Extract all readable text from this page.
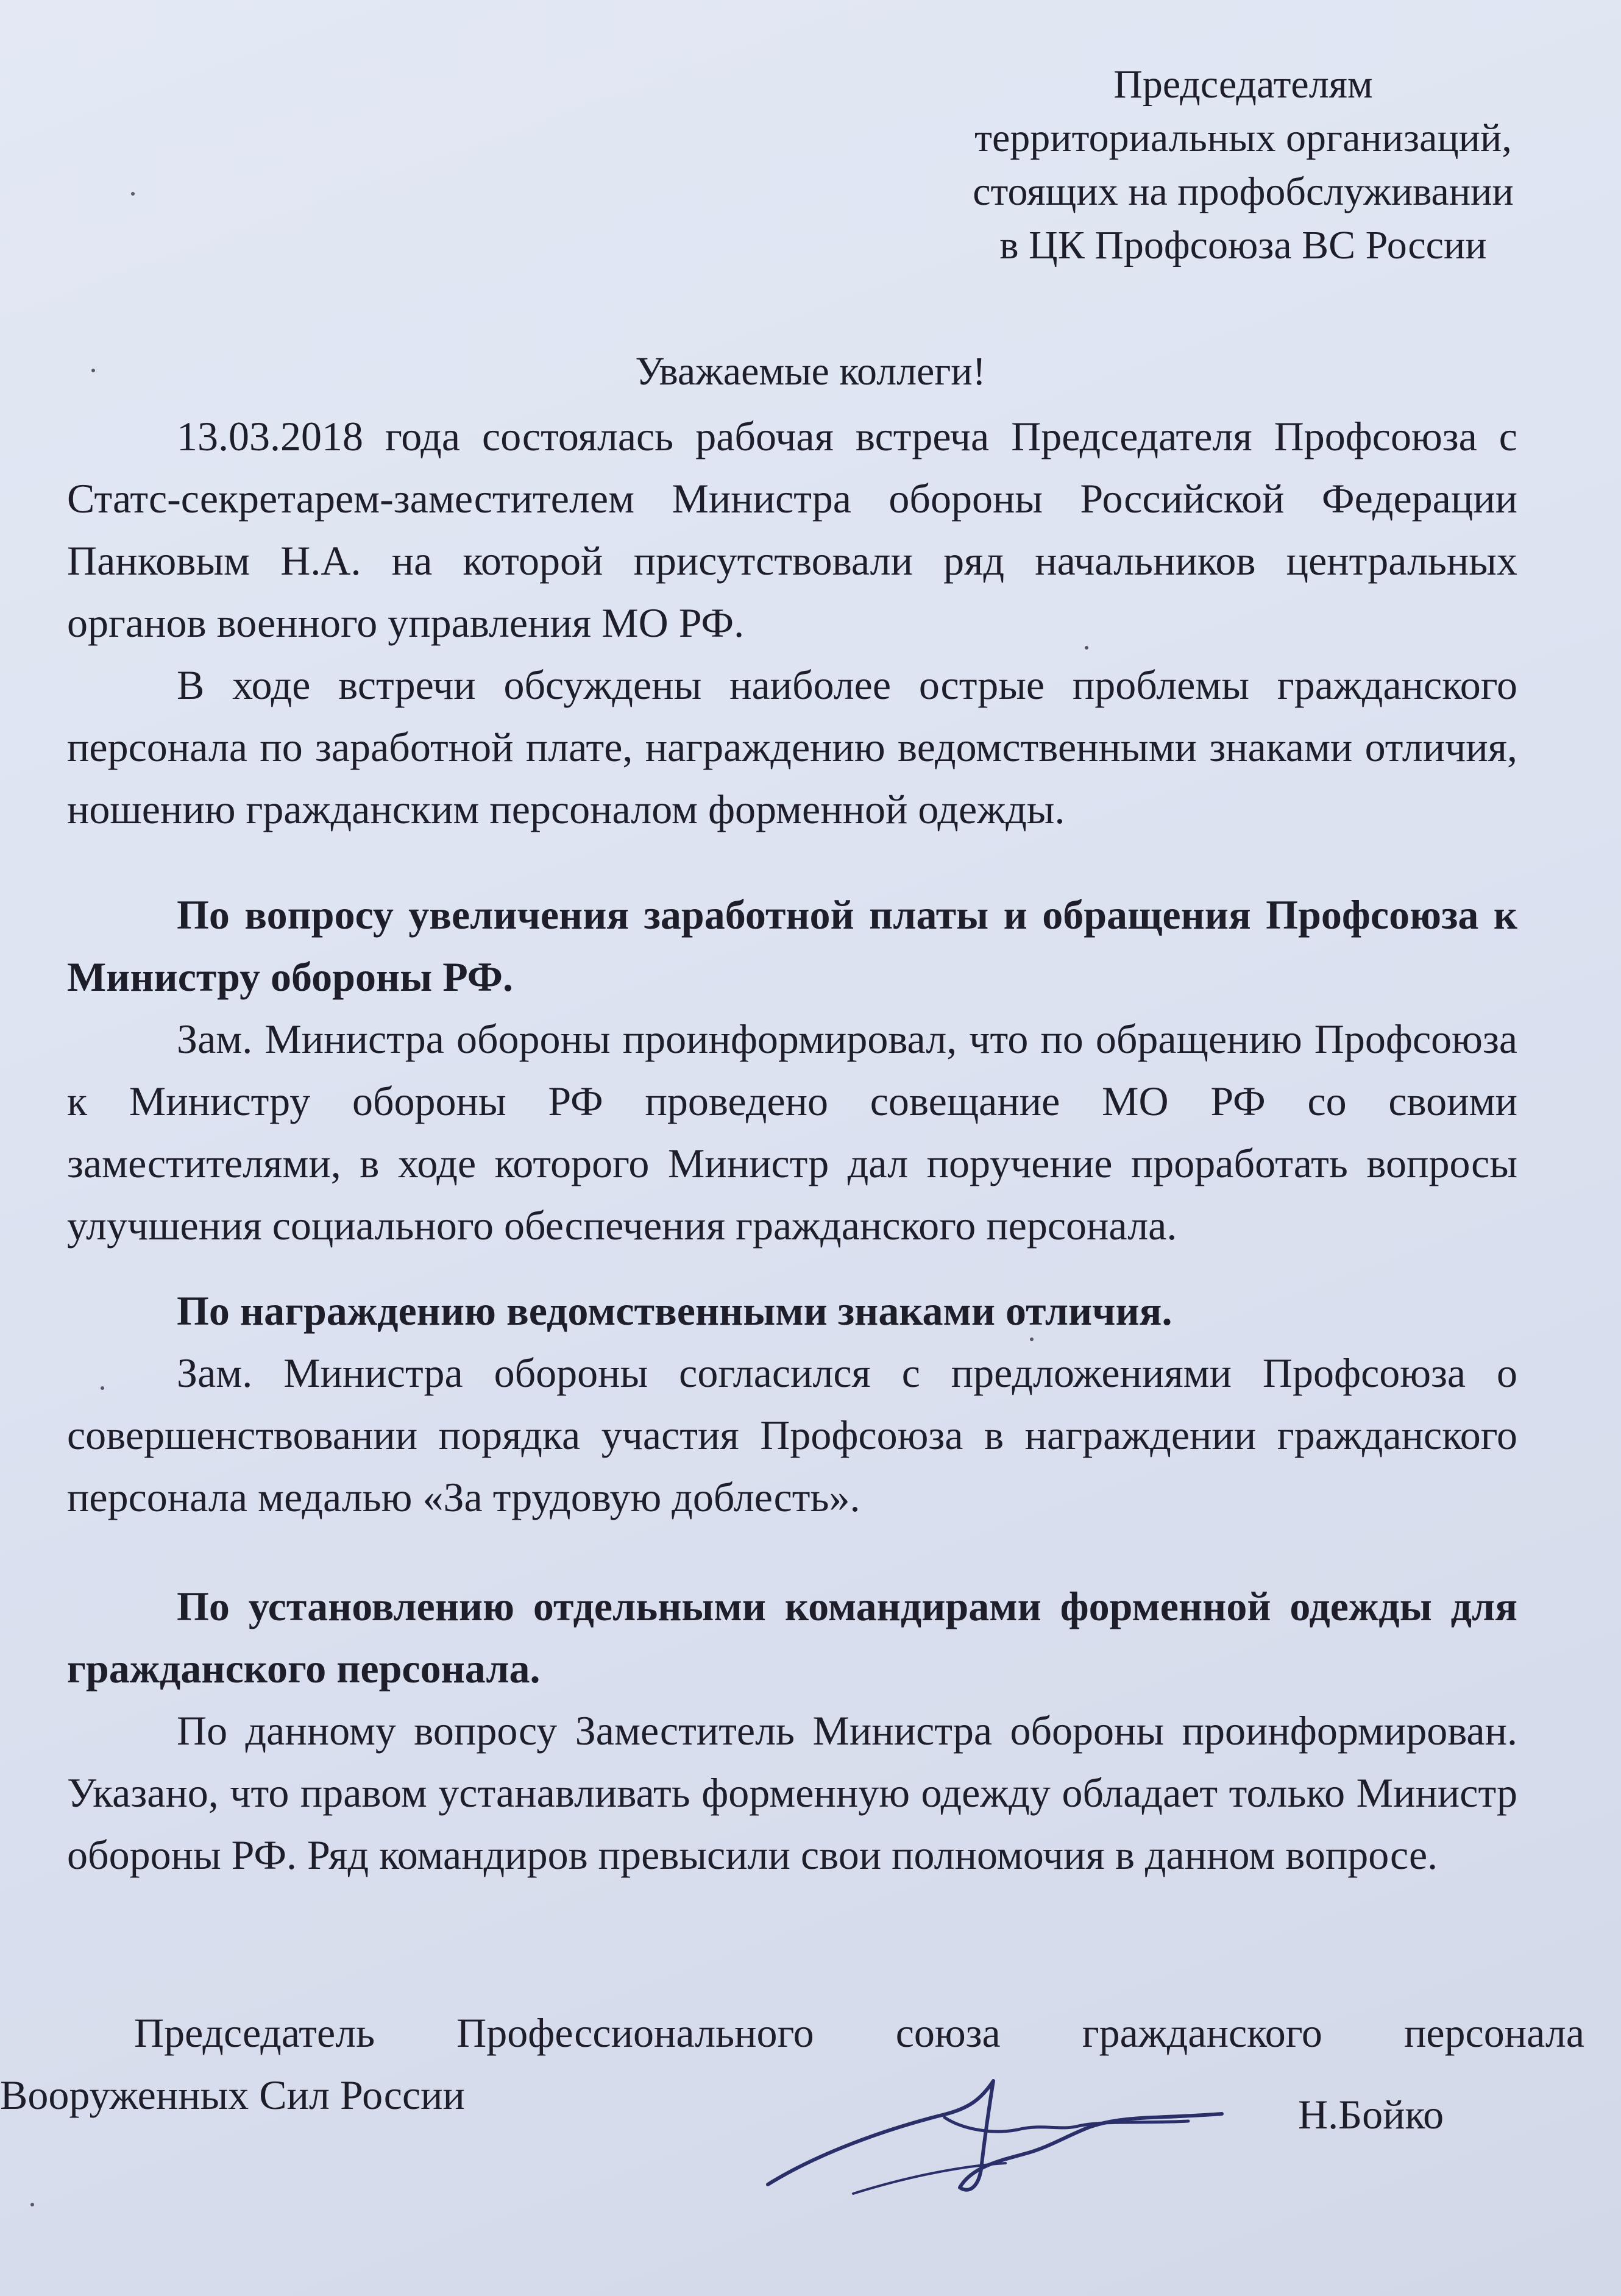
Председателям
территориальных организаций,
стоящих на профобслуживании
в ЦК Профсоюза ВС России
Уважаемые коллеги!

13.03.2018 года состоялась рабочая встреча Председателя Профсоюза с Статс-секретарем-заместителем Министра обороны Российской Федерации Панковым Н.А. на которой присутствовали ряд начальников центральных органов военного управления МО РФ.

В ходе встречи обсуждены наиболее острые проблемы гражданского персонала по заработной плате, награждению ведомственными знаками отличия, ношению гражданским персоналом форменной одежды.

По вопросу увеличения заработной платы и обращения Профсоюза к Министру обороны РФ.

Зам. Министра обороны проинформировал, что по обращению Профсоюза к Министру обороны РФ проведено совещание МО РФ со своими заместителями, в ходе которого Министр дал поручение проработать вопросы улучшения социального обеспечения гражданского персонала.

По награждению ведомственными знаками отличия.

Зам. Министра обороны согласился с предложениями Профсоюза о совершенствовании порядка участия Профсоюза в награждении гражданского персонала медалью «За трудовую доблесть».

По установлению отдельными командирами форменной одежды для гражданского персонала.

По данному вопросу Заместитель Министра обороны проинформирован. Указано, что правом устанавливать форменную одежду обладает только Министр обороны РФ. Ряд командиров превысили свои полномочия в данном вопросе.

Председатель Профессионального союза гражданского персонала
Вооруженных Сил России	Н.Бойко
